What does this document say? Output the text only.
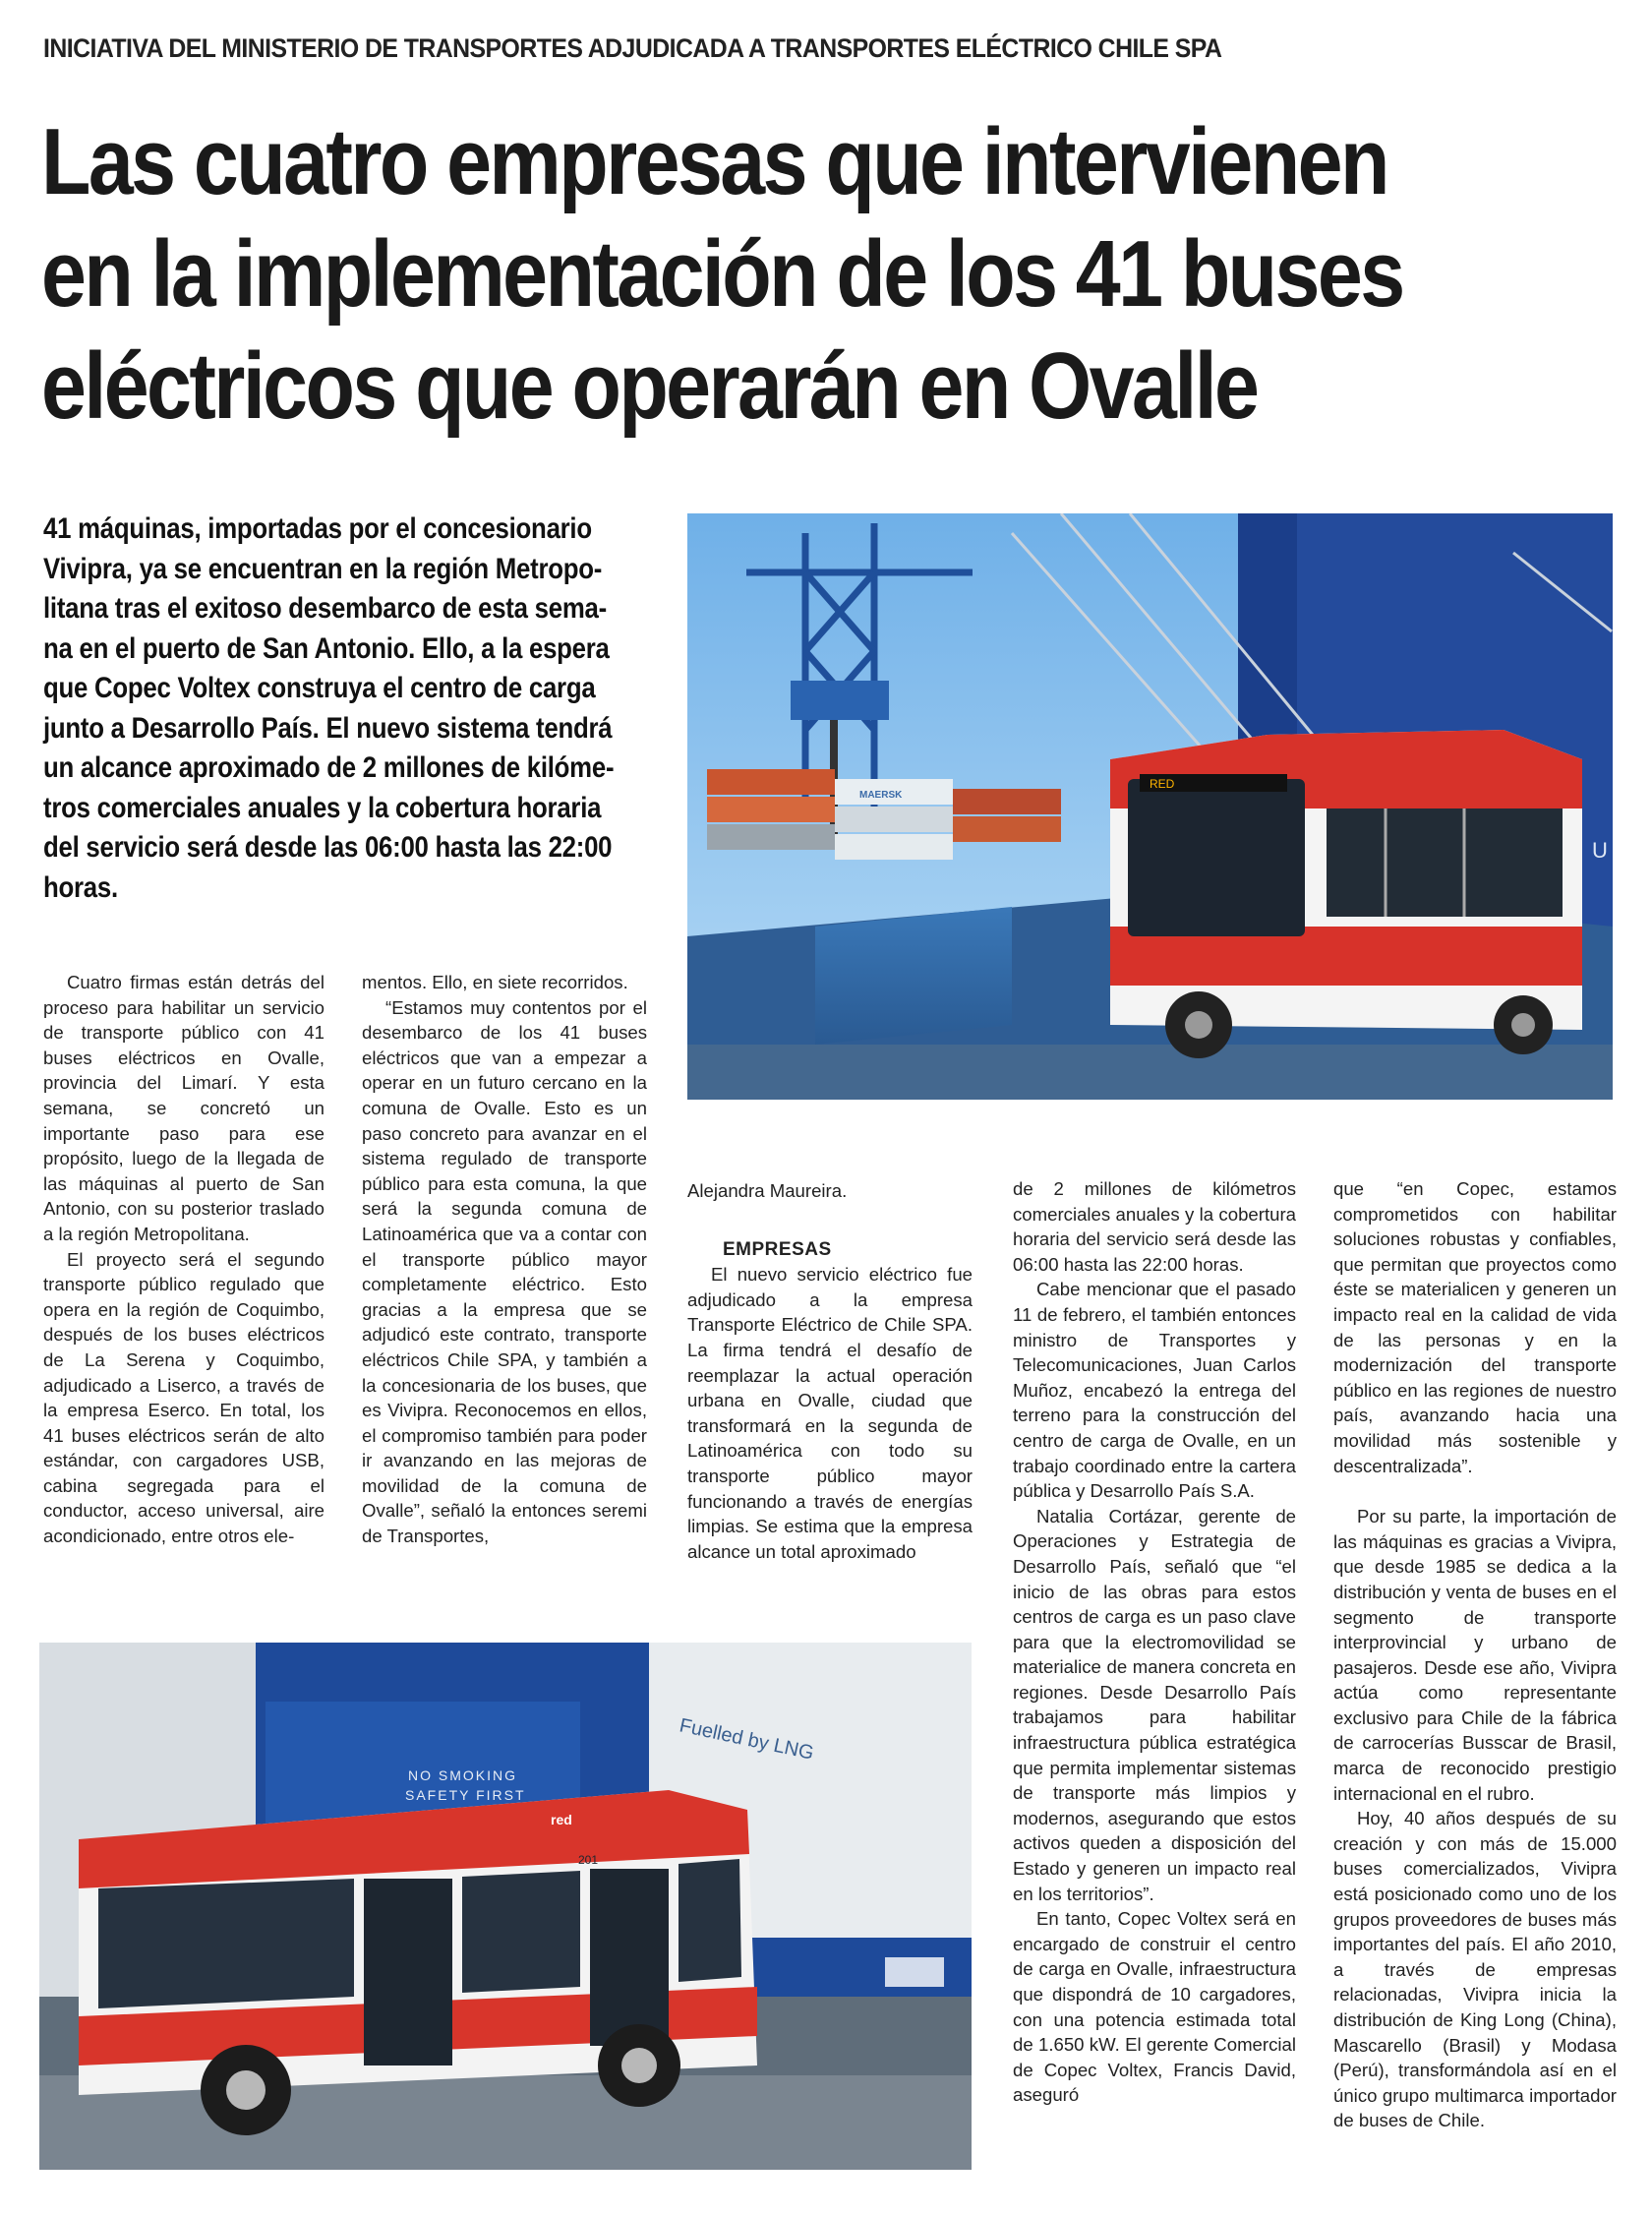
INICIATIVA DEL MINISTERIO DE TRANSPORTES ADJUDICADA A TRANSPORTES ELÉCTRICO CHILE SPA
Las cuatro empresas que intervienen
en la implementación de los 41 buses
eléctricos que operarán en Ovalle
41 máquinas, importadas por el concesionario
Vivipra, ya se encuentran en la región Metropo-
litana tras el exitoso desembarco de esta sema-
na en el puerto de San Antonio. Ello, a la espera
que Copec Voltex construya el centro de carga
junto a Desarrollo País. El nuevo sistema tendrá
un alcance aproximado de 2 millones de kilóme-
tros comerciales anuales y la cobertura horaria
del servicio será desde las 06:00 hasta las 22:00
horas.
MAERSK
U
RED
Fuelled by LNG
NO SMOKING
SAFETY FIRST
red
201

Cuatro firmas están detrás del proceso para habilitar un servicio de transporte público con 41 buses eléctricos en Ovalle, provincia del Limarí. Y esta semana, se concretó un importante paso para ese propósito, luego de la llegada de las máquinas al puerto de San Antonio, con su posterior traslado a la región Metropolitana.

El proyecto será el segundo transporte público regulado que opera en la región de Coquimbo, después de los buses eléctricos de La Serena y Coquimbo, adjudicado a Liserco, a través de la empresa Eserco. En total, los 41 buses eléctricos serán de alto estándar, con cargadores USB, cabina segregada para el conductor, acceso universal, aire acondicionado, entre otros ele-

mentos. Ello, en siete recorridos.

“Estamos muy contentos por el desembarco de los 41 buses eléctricos que van a empezar a operar en un futuro cercano en la comuna de Ovalle. Esto es un paso concreto para avanzar en el sistema regulado de transporte público para esta comuna, la que será la segunda comuna de Latinoamérica que va a contar con el transporte público mayor completamente eléctrico. Esto gracias a la empresa que se adjudicó este contrato, transporte eléctricos Chile SPA, y también a la concesionaria de los buses, que es Vivipra. Reconocemos en ellos, el compromiso también para poder ir avanzando en las mejoras de movilidad de la comuna de Ovalle”, señaló la entonces seremi de Transportes,

Alejandra Maureira.

EMPRESAS

El nuevo servicio eléctrico fue adjudicado a la empresa Transporte Eléctrico de Chile SPA. La firma tendrá el desafío de reemplazar la actual operación urbana en Ovalle, ciudad que transformará en la segunda de Latinoamérica con todo su transporte público mayor funcionando a través de energías limpias. Se estima que la empresa alcance un total aproximado

de 2 millones de kilómetros comerciales anuales y la cobertura horaria del servicio será desde las 06:00 hasta las 22:00 horas.

Cabe mencionar que el pasado 11 de febrero, el también entonces ministro de Transportes y Telecomunicaciones, Juan Carlos Muñoz, encabezó la entrega del terreno para la construcción del centro de carga de Ovalle, en un trabajo coordinado entre la cartera pública y Desarrollo País S.A.

Natalia Cortázar, gerente de Operaciones y Estrategia de Desarrollo País, señaló que “el inicio de las obras para estos centros de carga es un paso clave para que la electromovilidad se materialice de manera concreta en regiones. Desde Desarrollo País trabajamos para habilitar infraestructura pública estratégica que permita implementar sistemas de transporte más limpios y modernos, asegurando que estos activos queden a disposición del Estado y generen un impacto real en los territorios”.

En tanto, Copec Voltex será en encargado de construir el centro de carga en Ovalle, infraestructura que dispondrá de 10 cargadores, con una potencia estimada total de 1.650 kW. El gerente Comercial de Copec Voltex, Francis David, aseguró

que “en Copec, estamos comprometidos con habilitar soluciones robustas y confiables, que permitan que proyectos como éste se materialicen y generen un impacto real en la calidad de vida de las personas y en la modernización del transporte público en las regiones de nuestro país, avanzando hacia una movilidad más sostenible y descentralizada”.

Por su parte, la importación de las máquinas es gracias a Vivipra, que desde 1985 se dedica a la distribución y venta de buses en el segmento de transporte interprovincial y urbano de pasajeros. Desde ese año, Vivipra actúa como representante exclusivo para Chile de la fábrica de carrocerías Busscar de Brasil, marca de reconocido prestigio internacional en el rubro.

Hoy, 40 años después de su creación y con más de 15.000 buses comercializados, Vivipra está posicionado como uno de los grupos proveedores de buses más importantes del país. El año 2010, a través de empresas relacionadas, Vivipra inicia la distribución de King Long (China), Mascarello (Brasil) y Modasa (Perú), transformándola así en el único grupo multimarca importador de buses de Chile.
